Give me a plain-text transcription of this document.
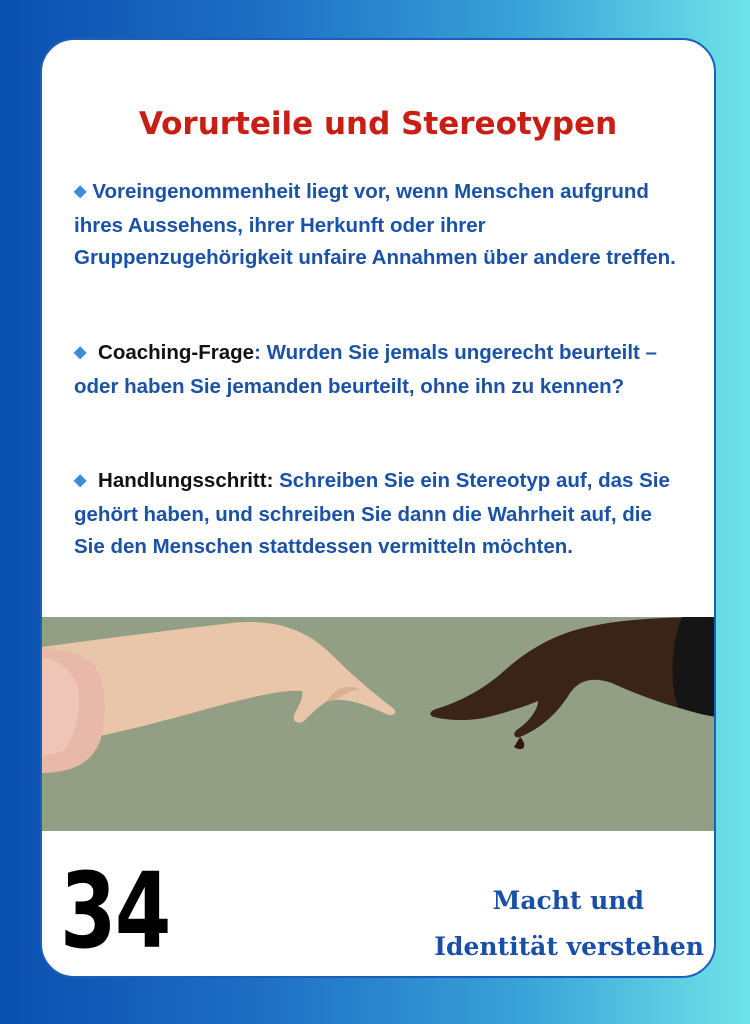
Vorurteile und Stereotypen
◆ Voreingenommenheit liegt vor, wenn Menschen aufgrund ihres Aussehens, ihrer Herkunft oder ihrer Gruppenzugehörigkeit unfaire Annahmen über andere treffen.
◆ Coaching-Frage: Wurden Sie jemals ungerecht beurteilt – oder haben Sie jemanden beurteilt, ohne ihn zu kennen?
◆ Handlungsschritt: Schreiben Sie ein Stereotyp auf, das Sie gehört haben, und schreiben Sie dann die Wahrheit auf, die Sie den Menschen stattdessen vermitteln möchten.
34	Macht und
Identität verstehen
